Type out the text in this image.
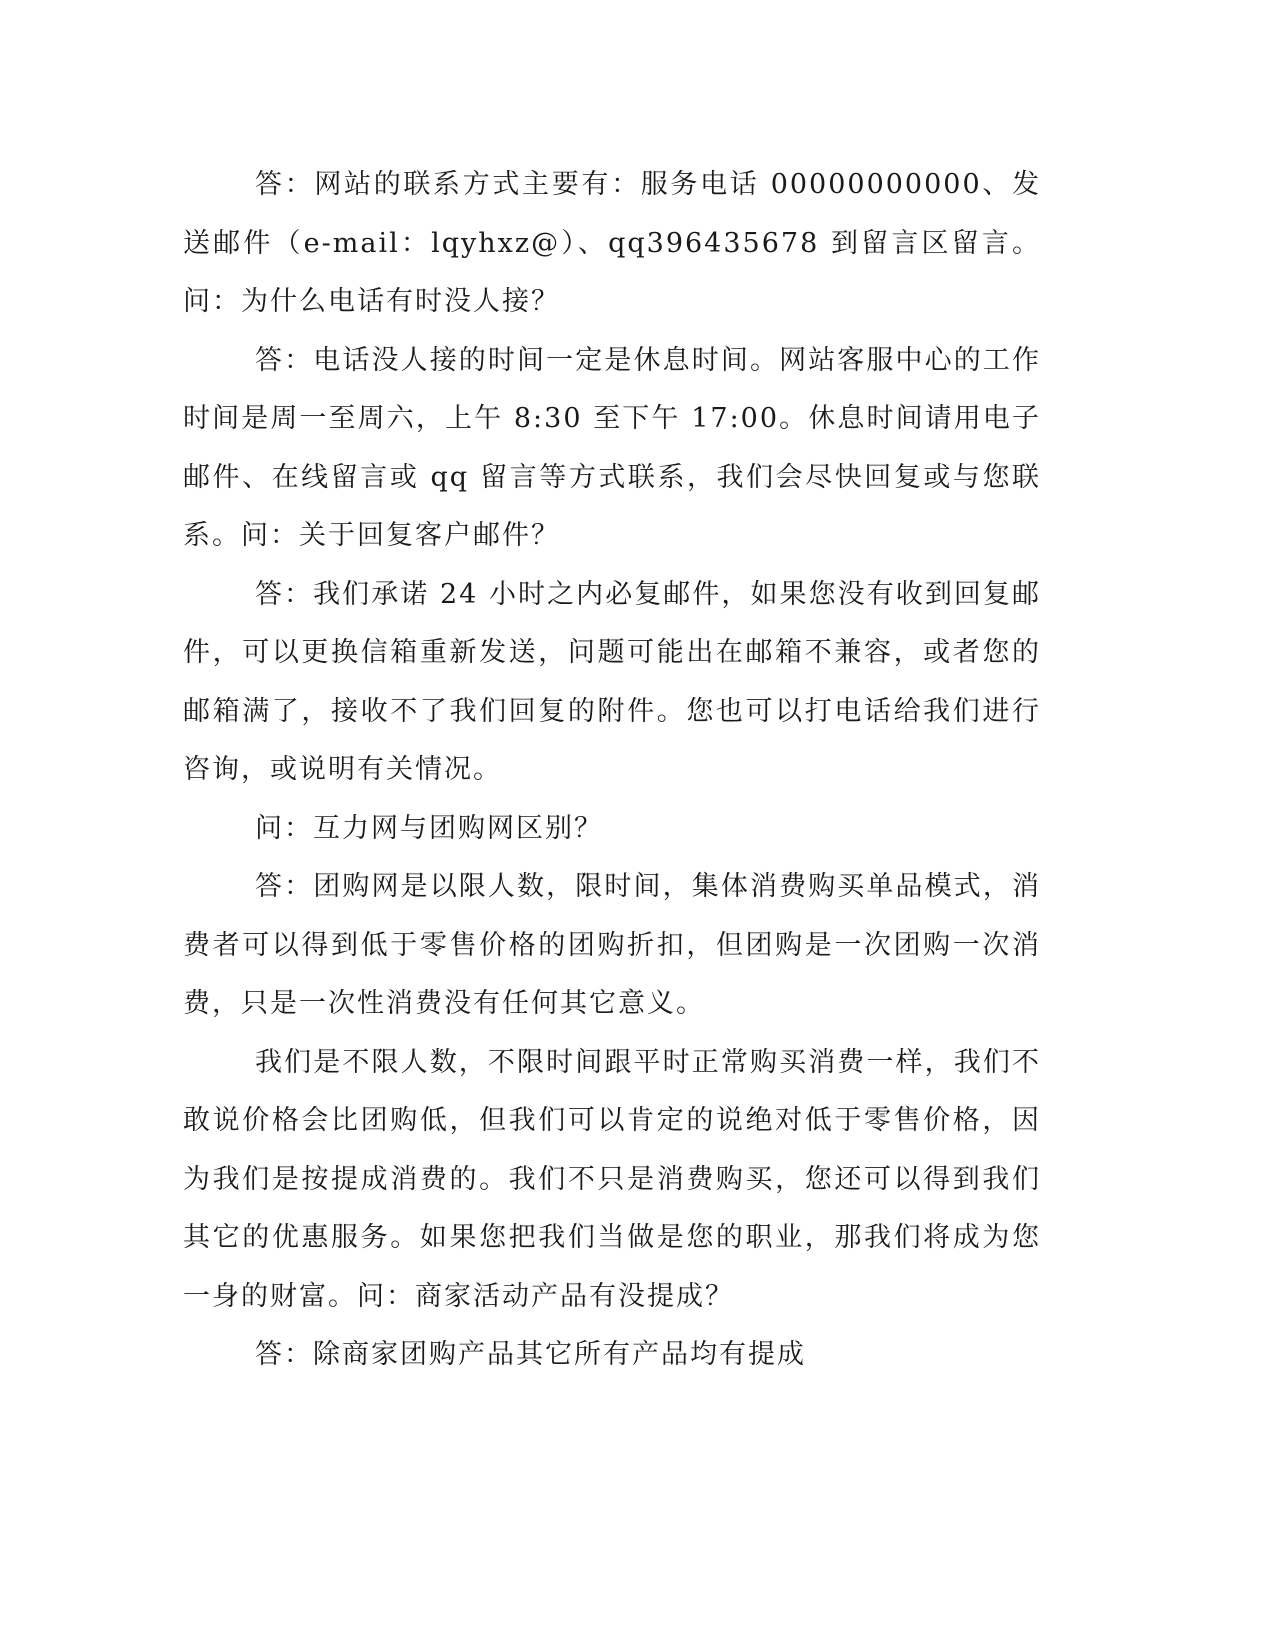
答：网站的联系方式主要有：服务电话 00000000000、发送邮件（e-mail：lqyhxz@）、qq396435678 到留言区留言。问：为什么电话有时没人接？

答：电话没人接的时间一定是休息时间。网站客服中心的工作时间是周一至周六，上午 8:30 至下午 17:00。休息时间请用电子邮件、在线留言或 qq 留言等方式联系，我们会尽快回复或与您联系。问：关于回复客户邮件？

答：我们承诺 24 小时之内必复邮件，如果您没有收到回复邮件，可以更换信箱重新发送，问题可能出在邮箱不兼容，或者您的邮箱满了，接收不了我们回复的附件。您也可以打电话给我们进行咨询，或说明有关情况。

问：互力网与团购网区别？

答：团购网是以限人数，限时间，集体消费购买单品模式，消费者可以得到低于零售价格的团购折扣，但团购是一次团购一次消费，只是一次性消费没有任何其它意义。

我们是不限人数，不限时间跟平时正常购买消费一样，我们不敢说价格会比团购低，但我们可以肯定的说绝对低于零售价格，因为我们是按提成消费的。我们不只是消费购买，您还可以得到我们其它的优惠服务。如果您把我们当做是您的职业，那我们将成为您一身的财富。问：商家活动产品有没提成？

答：除商家团购产品其它所有产品均有提成
